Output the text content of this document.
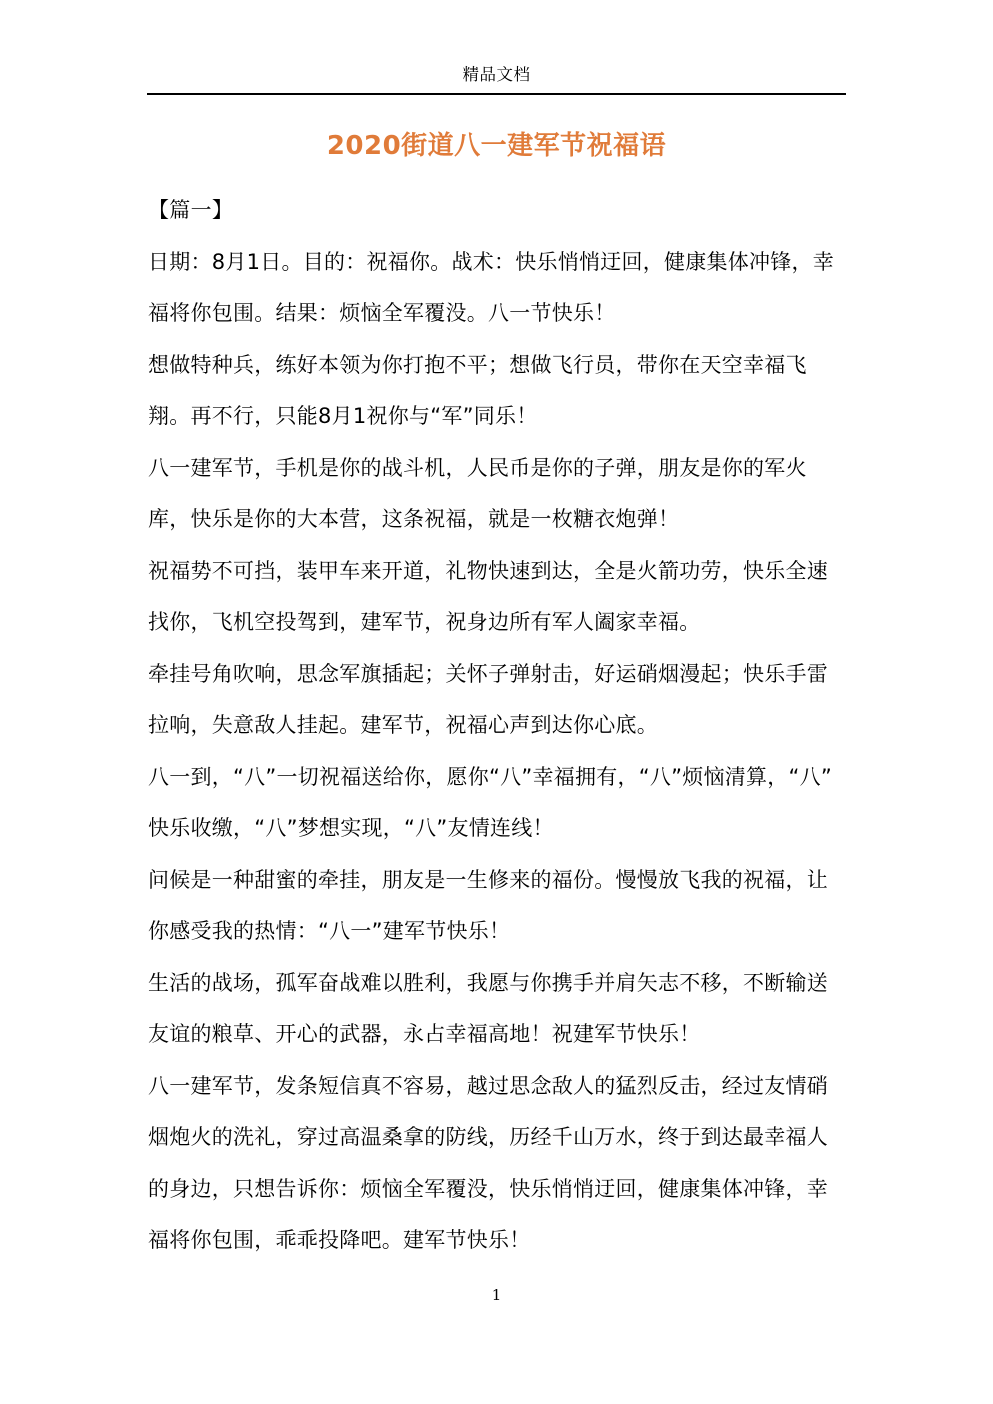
精品文档
2020街道八一建军节祝福语
【篇一】

日期：8月1日。目的：祝福你。战术：快乐悄悄迂回，健康集体冲锋，幸福将你包围。结果：烦恼全军覆没。八一节快乐！

想做特种兵，练好本领为你打抱不平；想做飞行员，带你在天空幸福飞翔。再不行，只能8月1祝你与“军”同乐！

八一建军节，手机是你的战斗机，人民币是你的子弹，朋友是你的军火库，快乐是你的大本营，这条祝福，就是一枚糖衣炮弹！

祝福势不可挡，装甲车来开道，礼物快速到达，全是火箭功劳，快乐全速找你，飞机空投驾到，建军节，祝身边所有军人阖家幸福。

牵挂号角吹响，思念军旗插起；关怀子弹射击，好运硝烟漫起；快乐手雷拉响，失意敌人挂起。建军节，祝福心声到达你心底。

八一到，“八”一切祝福送给你，愿你“八”幸福拥有，“八”烦恼清算，“八”快乐收缴，“八”梦想实现，“八”友情连线！

问候是一种甜蜜的牵挂，朋友是一生修来的福份。慢慢放飞我的祝福，让你感受我的热情：“八一”建军节快乐！

生活的战场，孤军奋战难以胜利，我愿与你携手并肩矢志不移，不断输送友谊的粮草、开心的武器，永占幸福高地！祝建军节快乐！

八一建军节，发条短信真不容易，越过思念敌人的猛烈反击，经过友情硝烟炮火的洗礼，穿过高温桑拿的防线，历经千山万水，终于到达最幸福人的身边，只想告诉你：烦恼全军覆没，快乐悄悄迂回，健康集体冲锋，幸福将你包围，乖乖投降吧。建军节快乐！

1
